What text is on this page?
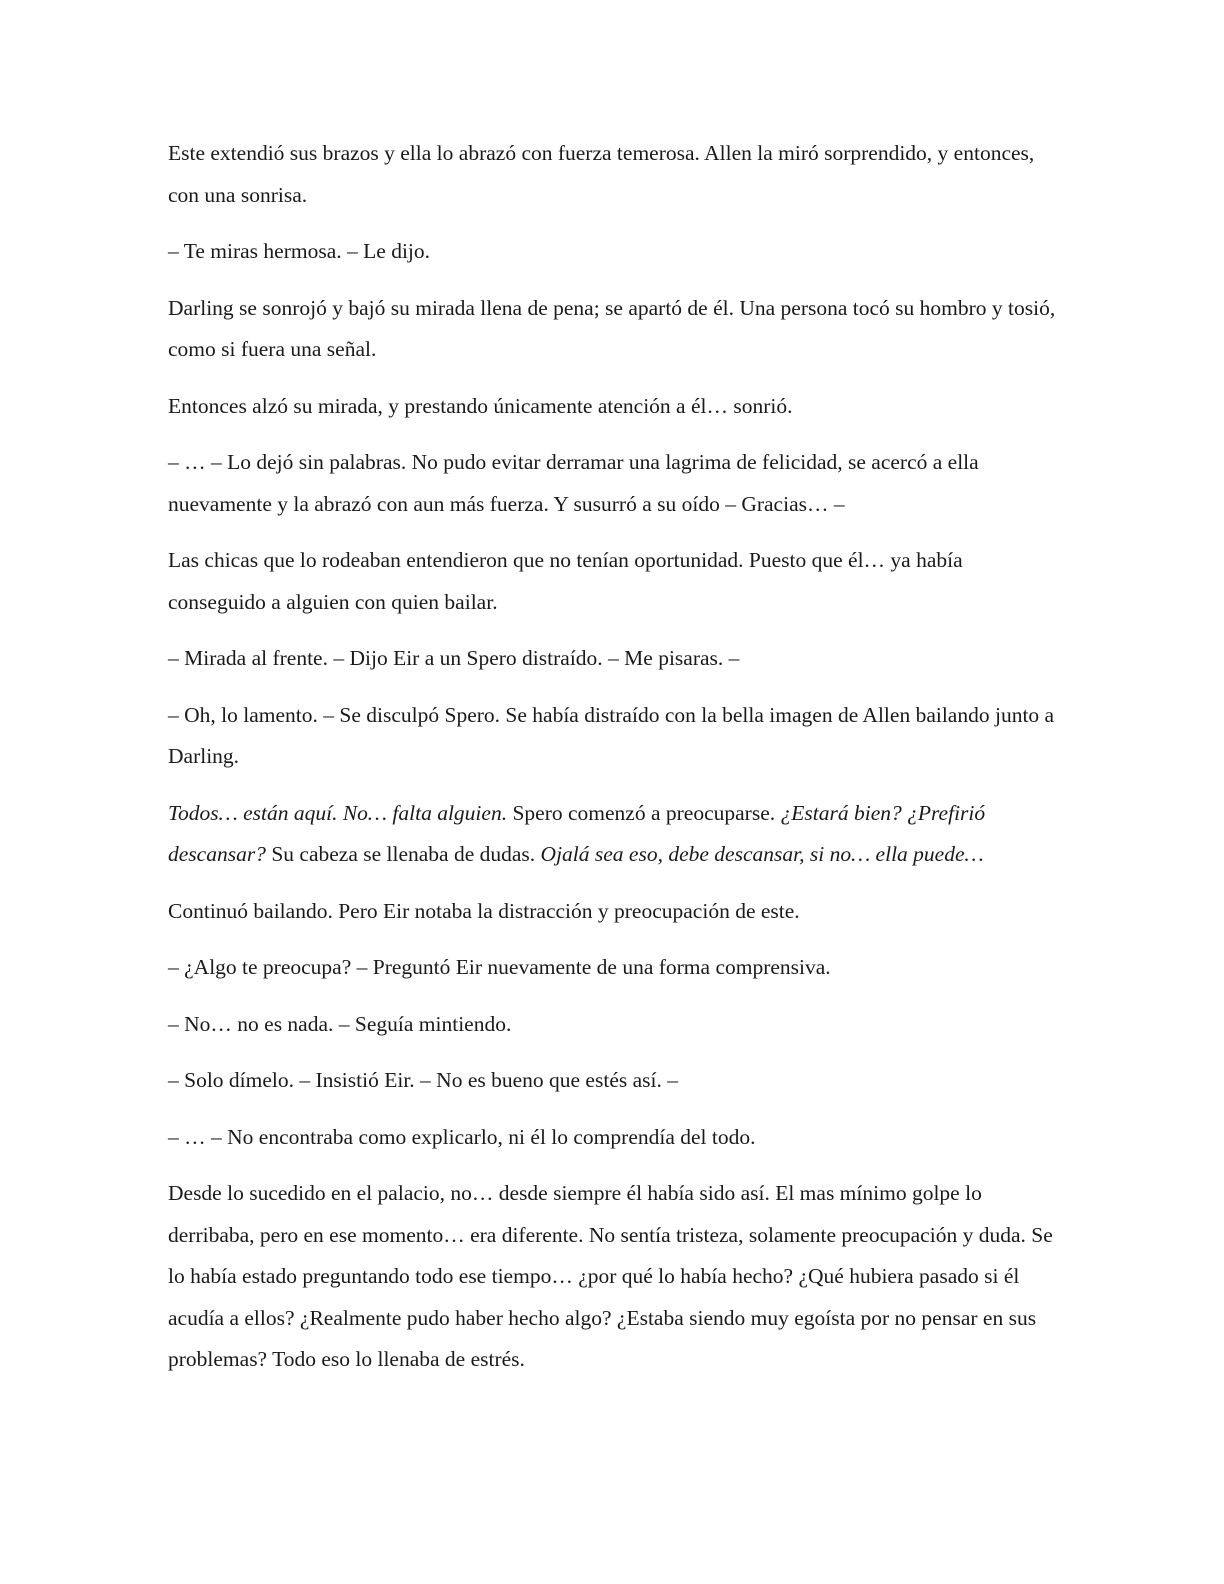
Este extendió sus brazos y ella lo abrazó con fuerza temerosa. Allen la miró sorprendido, y entonces, con una sonrisa.

– Te miras hermosa. – Le dijo.

Darling se sonrojó y bajó su mirada llena de pena; se apartó de él. Una persona tocó su hombro y tosió, como si fuera una señal.

Entonces alzó su mirada, y prestando únicamente atención a él… sonrió.

– … – Lo dejó sin palabras. No pudo evitar derramar una lagrima de felicidad, se acercó a ella nuevamente y la abrazó con aun más fuerza. Y susurró a su oído – Gracias… –

Las chicas que lo rodeaban entendieron que no tenían oportunidad. Puesto que él… ya había conseguido a alguien con quien bailar.

– Mirada al frente. – Dijo Eir a un Spero distraído. – Me pisaras. –

– Oh, lo lamento. – Se disculpó Spero. Se había distraído con la bella imagen de Allen bailando junto a Darling.

Todos… están aquí. No… falta alguien. Spero comenzó a preocuparse. ¿Estará bien? ¿Prefirió descansar? Su cabeza se llenaba de dudas. Ojalá sea eso, debe descansar, si no… ella puede…

Continuó bailando. Pero Eir notaba la distracción y preocupación de este.

– ¿Algo te preocupa? – Preguntó Eir nuevamente de una forma comprensiva.

– No… no es nada. – Seguía mintiendo.

– Solo dímelo. – Insistió Eir. – No es bueno que estés así. –

– … – No encontraba como explicarlo, ni él lo comprendía del todo.

Desde lo sucedido en el palacio, no… desde siempre él había sido así. El mas mínimo golpe lo derribaba, pero en ese momento… era diferente. No sentía tristeza, solamente preocupación y duda. Se lo había estado preguntando todo ese tiempo… ¿por qué lo había hecho? ¿Qué hubiera pasado si él acudía a ellos? ¿Realmente pudo haber hecho algo? ¿Estaba siendo muy egoísta por no pensar en sus problemas? Todo eso lo llenaba de estrés.
